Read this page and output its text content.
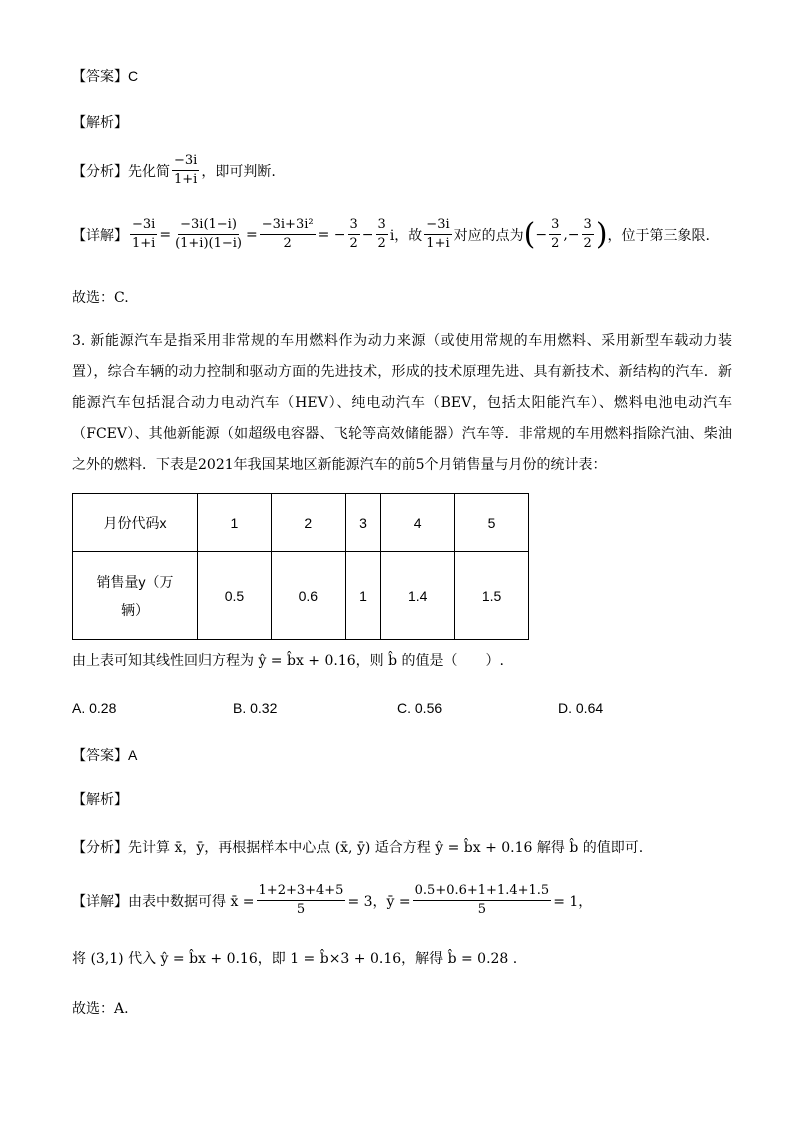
【答案】 C
【解析】
【分析】 先化简 $\frac{-3i}{1+i}$ ，即可判断.
【详解】 $\frac{-3i}{1+i} = \frac{-3i(1-i)}{(1+i)(1-i)} = \frac{\text{−3i+3i²}}{2}$ = − $\frac{3}{2} - \frac{3}{2}$ i，故 $\frac{-3i}{1+i}$ 对应的点为 ( − $\frac{3}{2}$ ,− $\frac{3}{2}$ ) ，位于第三象限.
故选：C.
3. 新能源汽车是指采用非常规的车用燃料作为动力来源（或使用常规的车用燃料、采用新型车载动力装置），综合车辆的动力控制和驱动方面的先进技术，形成的技术原理先进、具有新技术、新结构的汽车．新能源汽车包括混合动力电动汽车（HEV）、纯电动汽车（BEV，包括太阳能汽车）、燃料电池电动汽车（FCEV）、其他新能源（如超级电容器、飞轮等高效储能器）汽车等．非常规的车用燃料指除汽油、柴油之外的燃料．下表是2021年我国某地区新能源汽车的前5个月销售量与月份的统计表：
月份代码x	1	2	3	4	5
销售量y（万辆）	0.5	0.6	1	1.4	1.5
由上表可知其线性回归方程为 ŷ = b̂x + 0.16，则 b̂ 的值是（　　）.
A. 0.28	B. 0.32	C. 0.56	D. 0.64
【答案】 A
【解析】
【分析】 先计算 x̄，ȳ，再根据样本中心点 (x̄, ȳ) 适合方程 ŷ = b̂x + 0.16 解得 b̂ 的值即可.
【详解】 由表中数据可得 x̄ = $\frac{1+2+3+4+5}{5} = 3$，ȳ = $\frac{0.5+0.6+1+1.4+1.5}{5} = 1$，
将 (3,1) 代入 ŷ = b̂x + 0.16，即 1 = b̂×3 + 0.16，解得 b̂ = 0.28 .
故选：A.
